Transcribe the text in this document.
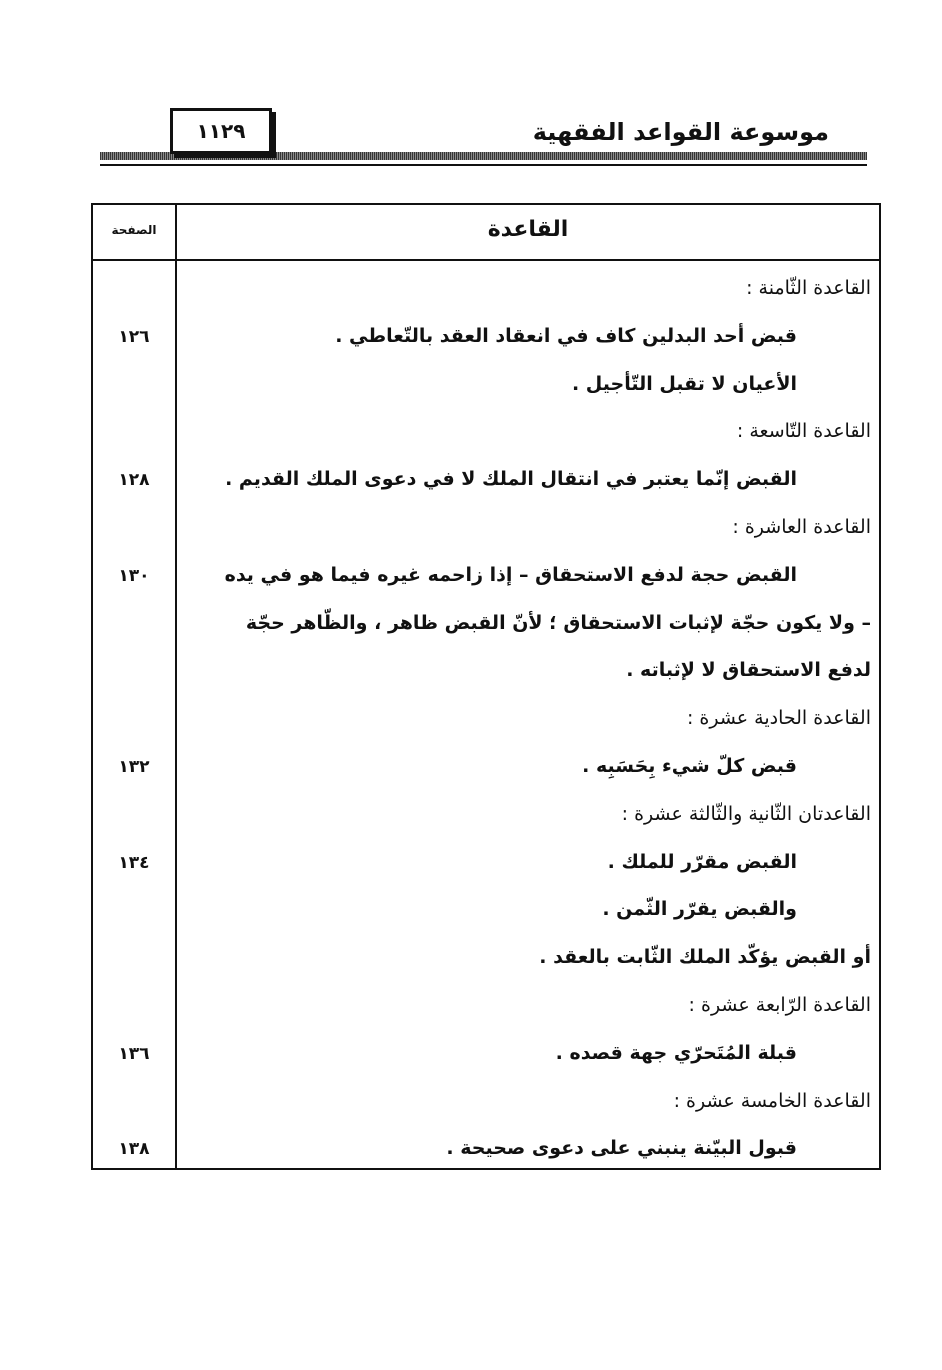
موسوعة القواعد الفقهية
١١٢٩
الصفحة	القاعدة
القاعدة الثّامنة :
قبض أحد البدلين كاف في انعقاد العقد بالتّعاطي .
١٢٦
الأعيان لا تقبل التّأجيل .
القاعدة التّاسعة :
القبض إنّما يعتبر في انتقال الملك لا في دعوى الملك القديم .
١٢٨
القاعدة العاشرة :
القبض حجة لدفع الاستحقاق – إذا زاحمه غيره فيما هو في يده
١٣٠
– ولا يكون حجّة لإثبات الاستحقاق ؛ لأنّ القبض ظاهر ، والظّاهر حجّة
لدفع الاستحقاق لا لإثباته .
القاعدة الحادية عشرة :
قبض كلّ شيء بِحَسَبِه .
١٣٢
القاعدتان الثّانية والثّالثة عشرة :
القبض مقرّر للملك .
١٣٤
والقبض يقرّر الثّمن .
أو القبض يؤكّد الملك الثّابت بالعقد .
القاعدة الرّابعة عشرة :
قبلة المُتَحرّي جهة قصده .
١٣٦
القاعدة الخامسة عشرة :
قبول البيّنة ينبني على دعوى صحيحة .
١٣٨
